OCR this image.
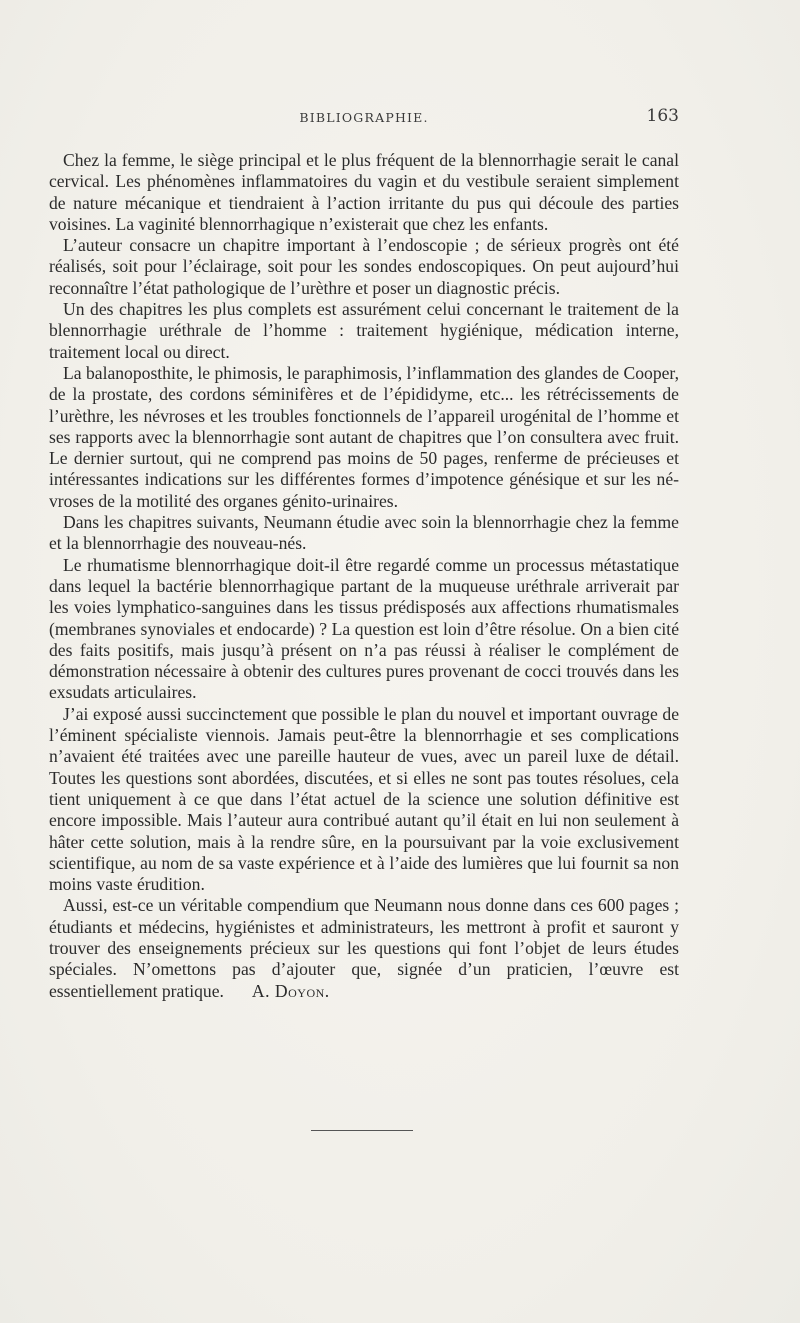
BIBLIOGRAPHIE.	163

Chez la femme, le siège principal et le plus fréquent de la blennorrhagie serait le canal cervical. Les phénomènes inflammatoires du vagin et du vestibule seraient simplement de nature mécanique et tiendraient à l’action irritante du pus qui découle des parties voisines. La vaginité blennorrhagique n’existerait que chez les enfants.

L’auteur consacre un chapitre important à l’endoscopie ; de sérieux progrès ont été réalisés, soit pour l’éclairage, soit pour les sondes endoscopiques. On peut aujourd’hui reconnaître l’état pathologique de l’urèthre et poser un diagnostic précis.

Un des chapitres les plus complets est assurément celui concernant le traitement de la blennorrhagie uréthrale de l’homme : traitement hygiénique, médication interne, traitement local ou direct.

La balanoposthite, le phimosis, le paraphimosis, l’inflammation des glandes de Cooper, de la prostate, des cordons séminifères et de l’épididyme, etc... les rétrécissements de l’urèthre, les névroses et les troubles fonctionnels de l’appareil urogénital de l’homme et ses rapports avec la blennorrhagie sont autant de chapitres que l’on consultera avec fruit. Le dernier surtout, qui ne comprend pas moins de 50 pages, renferme de précieuses et intéressantes indications sur les différentes formes d’impotence génésique et sur les névroses de la motilité des organes génito-urinaires.

Dans les chapitres suivants, Neumann étudie avec soin la blennorrhagie chez la femme et la blennorrhagie des nouveau-nés.

Le rhumatisme blennorrhagique doit-il être regardé comme un processus métastatique dans lequel la bactérie blennorrhagique partant de la muqueuse uréthrale arriverait par les voies lymphatico-sanguines dans les tissus prédisposés aux affections rhumatismales (membranes synoviales et endocarde) ? La question est loin d’être résolue. On a bien cité des faits positifs, mais jusqu’à présent on n’a pas réussi à réaliser le complément de démonstration nécessaire à obtenir des cultures pures provenant de cocci trouvés dans les exsudats articulaires.

J’ai exposé aussi succinctement que possible le plan du nouvel et important ouvrage de l’éminent spécialiste viennois. Jamais peut-être la blennorrhagie et ses complications n’avaient été traitées avec une pareille hauteur de vues, avec un pareil luxe de détail. Toutes les questions sont abordées, discutées, et si elles ne sont pas toutes résolues, cela tient uniquement à ce que dans l’état actuel de la science une solution définitive est encore impossible. Mais l’auteur aura contribué autant qu’il était en lui non seulement à hâter cette solution, mais à la rendre sûre, en la poursuivant par la voie exclusivement scientifique, au nom de sa vaste expérience et à l’aide des lumières que lui fournit sa non moins vaste érudition.

Aussi, est-ce un véritable compendium que Neumann nous donne dans ces 600 pages ; étudiants et médecins, hygiénistes et administrateurs, les mettront à profit et sauront y trouver des enseignements précieux sur les questions qui font l’objet de leurs études spéciales. N’omettons pas d’ajouter que, signée d’un praticien, l’œuvre est essentiellement pratique. A. Doyon.
